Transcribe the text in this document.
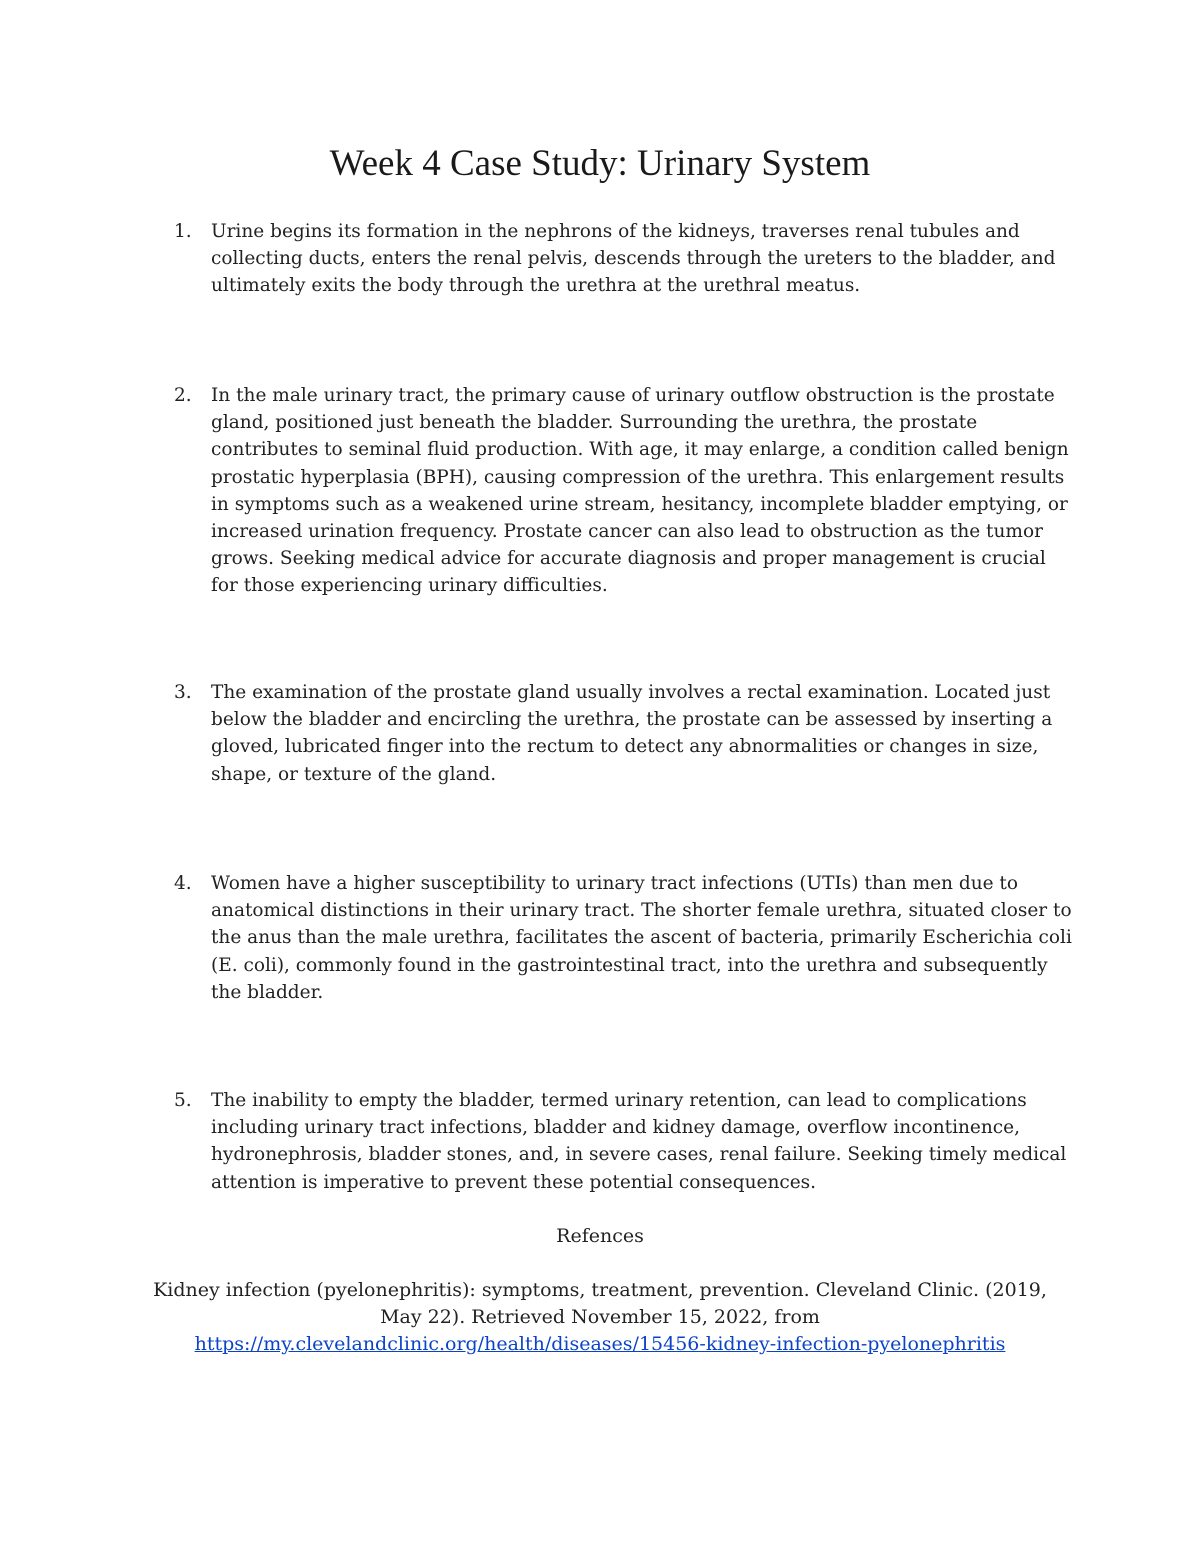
Week 4 Case Study: Urinary System
1. Urine begins its formation in the nephrons of the kidneys, traverses renal tubules and collecting ducts, enters the renal pelvis, descends through the ureters to the bladder, and ultimately exits the body through the urethra at the urethral meatus.
2. In the male urinary tract, the primary cause of urinary outflow obstruction is the prostate gland, positioned just beneath the bladder. Surrounding the urethra, the prostate contributes to seminal fluid production. With age, it may enlarge, a condition called benign prostatic hyperplasia (BPH), causing compression of the urethra. This enlargement results in symptoms such as a weakened urine stream, hesitancy, incomplete bladder emptying, or increased urination frequency. Prostate cancer can also lead to obstruction as the tumor grows. Seeking medical advice for accurate diagnosis and proper management is crucial for those experiencing urinary difficulties.
3. The examination of the prostate gland usually involves a rectal examination. Located just below the bladder and encircling the urethra, the prostate can be assessed by inserting a gloved, lubricated finger into the rectum to detect any abnormalities or changes in size, shape, or texture of the gland.
4. Women have a higher susceptibility to urinary tract infections (UTIs) than men due to anatomical distinctions in their urinary tract. The shorter female urethra, situated closer to the anus than the male urethra, facilitates the ascent of bacteria, primarily Escherichia coli (E. coli), commonly found in the gastrointestinal tract, into the urethra and subsequently the bladder.
5. The inability to empty the bladder, termed urinary retention, can lead to complications including urinary tract infections, bladder and kidney damage, overflow incontinence, hydronephrosis, bladder stones, and, in severe cases, renal failure. Seeking timely medical attention is imperative to prevent these potential consequences.
Refences
Kidney infection (pyelonephritis): symptoms, treatment, prevention. Cleveland Clinic. (2019, May 22). Retrieved November 15, 2022, from
https://my.clevelandclinic.org/health/diseases/15456-kidney-infection-pyelonephritis
